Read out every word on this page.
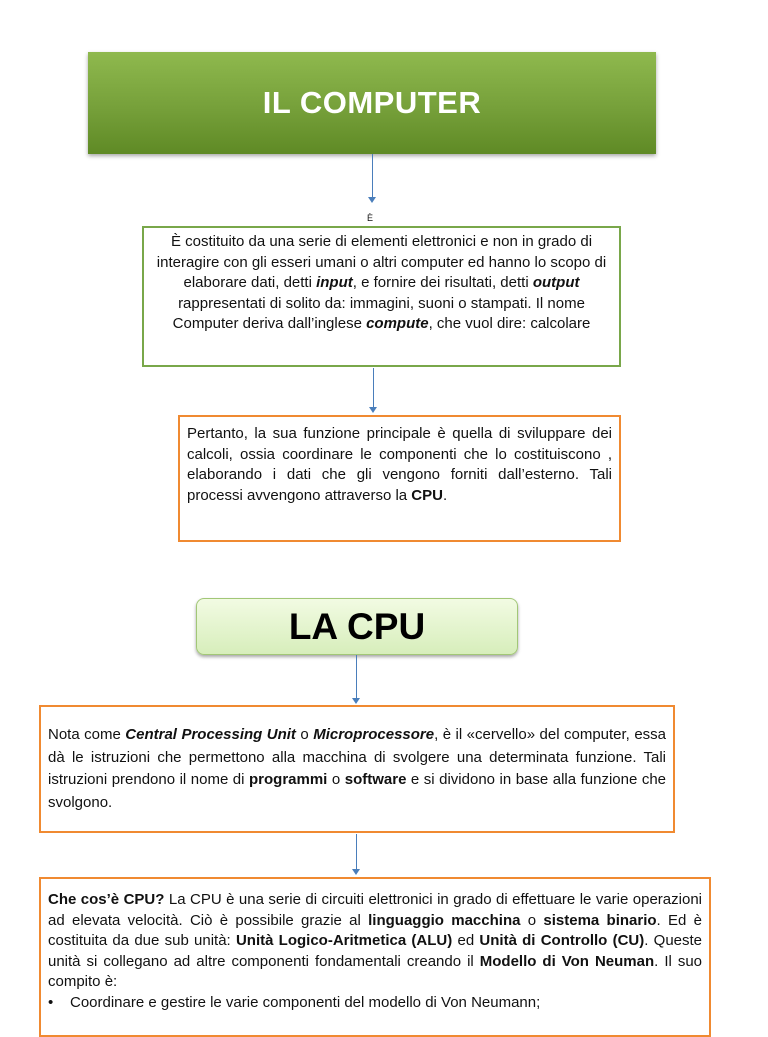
IL COMPUTER
È
È costituito da una serie di elementi elettronici e non in grado di interagire con gli esseri umani o altri computer ed hanno lo scopo di elaborare dati, detti input, e fornire dei risultati, detti output rappresentati di solito da: immagini, suoni o stampati. Il nome Computer deriva dall’inglese compute, che vuol dire: calcolare
Pertanto, la sua funzione principale è quella di sviluppare dei calcoli, ossia coordinare le componenti che lo costituiscono , elaborando i dati che gli vengono forniti dall’esterno. Tali processi avvengono attraverso la CPU.
LA CPU
Nota come Central Processing Unit o Microprocessore, è il «cervello» del computer, essa dà le istruzioni che permettono alla macchina di svolgere una determinata funzione. Tali istruzioni prendono il nome di programmi o software e si dividono in base alla funzione che svolgono.
Che cos’è CPU? La CPU è una serie di circuiti elettronici in grado di effettuare le varie operazioni ad elevata velocità. Ciò è possibile grazie al linguaggio macchina o sistema binario. Ed è costituita da due sub unità: Unità Logico-Aritmetica (ALU) ed Unità di Controllo (CU). Queste unità si collegano ad altre componenti fondamentali creando il Modello di Von Neuman. Il suo compito è:
• Coordinare e gestire le varie componenti del modello di Von Neumann;
